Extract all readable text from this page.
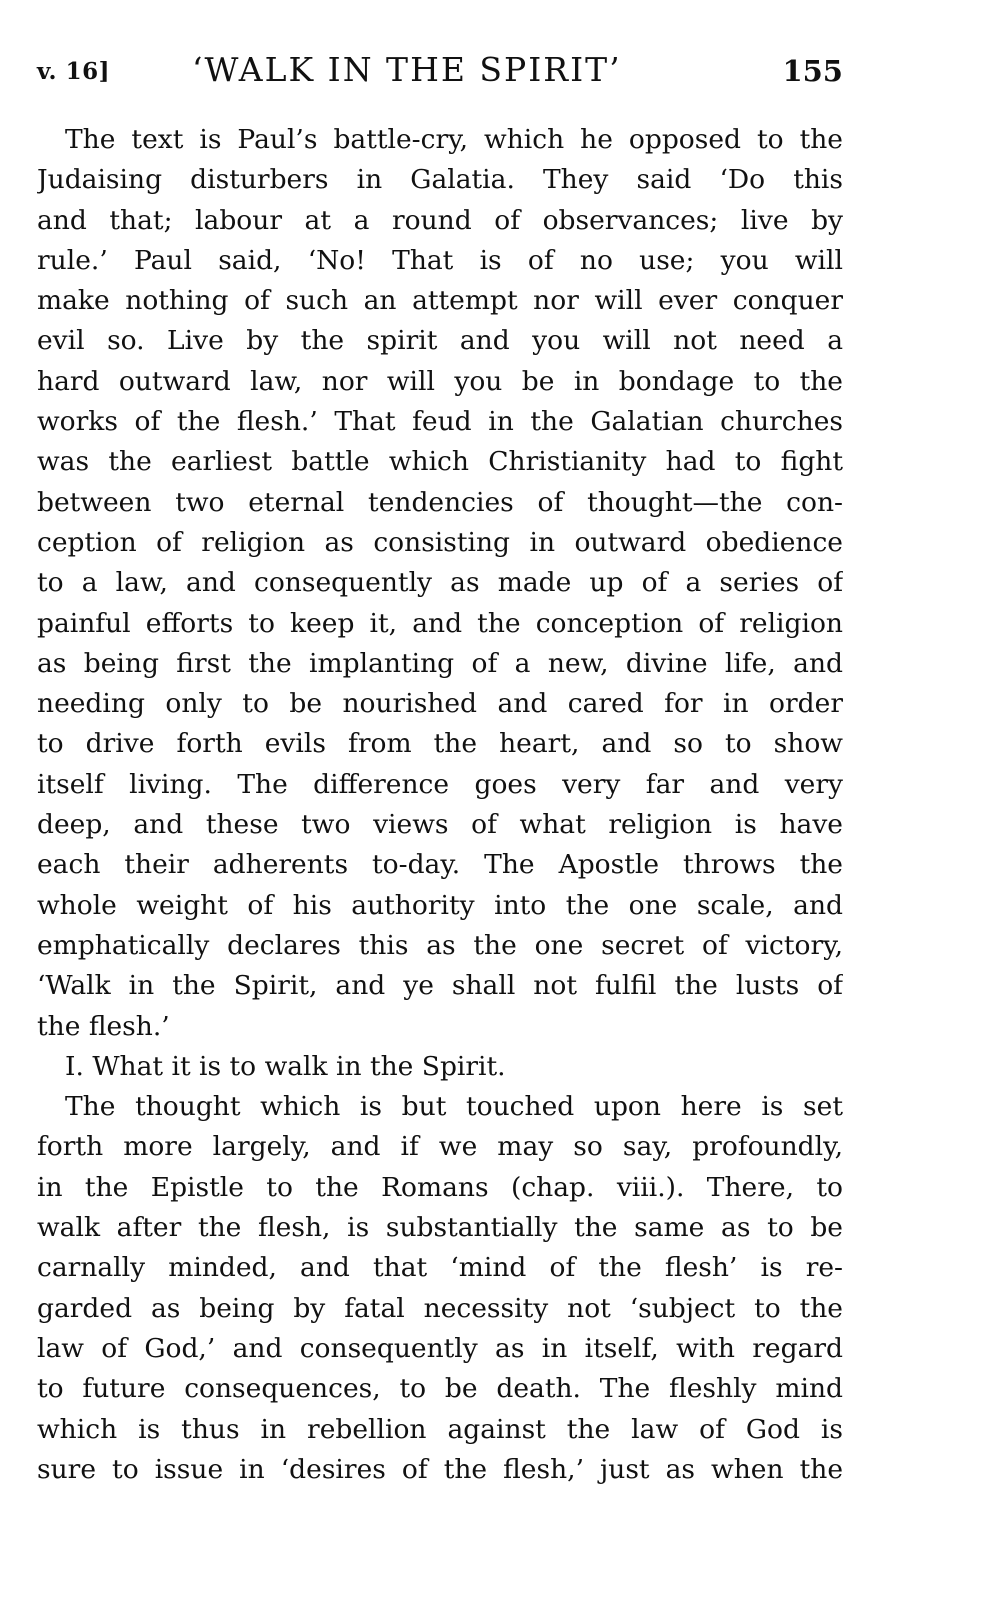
v. 16] ‘WALK IN THE SPIRIT’	155
The text is Paul’s battle-cry, which he opposed to the
Judaising disturbers in Galatia. They said ‘Do this
and that; labour at a round of observances; live by
rule.’ Paul said, ‘No! That is of no use; you will
make nothing of such an attempt nor will ever conquer
evil so. Live by the spirit and you will not need a
hard outward law, nor will you be in bondage to the
works of the flesh.’ That feud in the Galatian churches
was the earliest battle which Christianity had to fight
between two eternal tendencies of thought—the con-
ception of religion as consisting in outward obedience
to a law, and consequently as made up of a series of
painful efforts to keep it, and the conception of religion
as being first the implanting of a new, divine life, and
needing only to be nourished and cared for in order
to drive forth evils from the heart, and so to show
itself living. The difference goes very far and very
deep, and these two views of what religion is have
each their adherents to-day. The Apostle throws the
whole weight of his authority into the one scale, and
emphatically declares this as the one secret of victory,
‘Walk in the Spirit, and ye shall not fulfil the lusts of
the flesh.’
I. What it is to walk in the Spirit.
The thought which is but touched upon here is set
forth more largely, and if we may so say, profoundly,
in the Epistle to the Romans (chap. viii.). There, to
walk after the flesh, is substantially the same as to be
carnally minded, and that ‘mind of the flesh’ is re-
garded as being by fatal necessity not ‘subject to the
law of God,’ and consequently as in itself, with regard
to future consequences, to be death. The fleshly mind
which is thus in rebellion against the law of God is
sure to issue in ‘desires of the flesh,’ just as when the
